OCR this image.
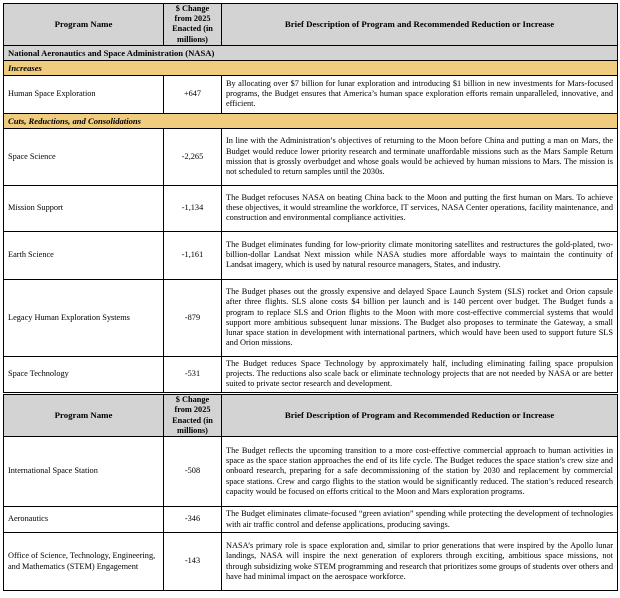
Program Name	$ Change from 2025 Enacted (in millions)	Brief Description of Program and Recommended Reduction or Increase
National Aeronautics and Space Administration (NASA)		
Increases		
Human Space Exploration	+647	By allocating over $7 billion for lunar exploration and introducing $1 billion in new investments for Mars-focused programs, the Budget ensures that America’s human space exploration efforts remain unparalleled, innovative, and efficient.
Cuts, Reductions, and Consolidations		
Space Science	-2,265	In line with the Administration’s objectives of returning to the Moon before China and putting a man on Mars, the Budget would reduce lower priority research and terminate unaffordable missions such as the Mars Sample Return mission that is grossly overbudget and whose goals would be achieved by human missions to Mars. The mission is not scheduled to return samples until the 2030s.
Mission Support	-1,134	The Budget refocuses NASA on beating China back to the Moon and putting the first human on Mars. To achieve these objectives, it would streamline the workforce, IT services, NASA Center operations, facility maintenance, and construction and environmental compliance activities.
Earth Science	-1,161	The Budget eliminates funding for low-priority climate monitoring satellites and restructures the gold-plated, two-billion-dollar Landsat Next mission while NASA studies more affordable ways to maintain the continuity of Landsat imagery, which is used by natural resource managers, States, and industry.
Legacy Human Exploration Systems	-879	The Budget phases out the grossly expensive and delayed Space Launch System (SLS) rocket and Orion capsule after three flights. SLS alone costs $4 billion per launch and is 140 percent over budget. The Budget funds a program to replace SLS and Orion flights to the Moon with more cost-effective commercial systems that would support more ambitious subsequent lunar missions. The Budget also proposes to terminate the Gateway, a small lunar space station in development with international partners, which would have been used to support future SLS and Orion missions.
Space Technology	-531	The Budget reduces Space Technology by approximately half, including eliminating failing space propulsion projects. The reductions also scale back or eliminate technology projects that are not needed by NASA or are better suited to private sector research and development.
Program Name	$ Change from 2025 Enacted (in millions)	Brief Description of Program and Recommended Reduction or Increase
International Space Station	-508	The Budget reflects the upcoming transition to a more cost-effective commercial approach to human activities in space as the space station approaches the end of its life cycle. The Budget reduces the space station’s crew size and onboard research, preparing for a safe decommissioning of the station by 2030 and replacement by commercial space stations. Crew and cargo flights to the station would be significantly reduced. The station’s reduced research capacity would be focused on efforts critical to the Moon and Mars exploration programs.
Aeronautics	-346	The Budget eliminates climate-focused “green aviation” spending while protecting the development of technologies with air traffic control and defense applications, producing savings.
Office of Science, Technology, Engineering, and Mathematics (STEM) Engagement	-143	NASA’s primary role is space exploration and, similar to prior generations that were inspired by the Apollo lunar landings, NASA will inspire the next generation of explorers through exciting, ambitious space missions, not through subsidizing woke STEM programming and research that prioritizes some groups of students over others and have had minimal impact on the aerospace workforce.
